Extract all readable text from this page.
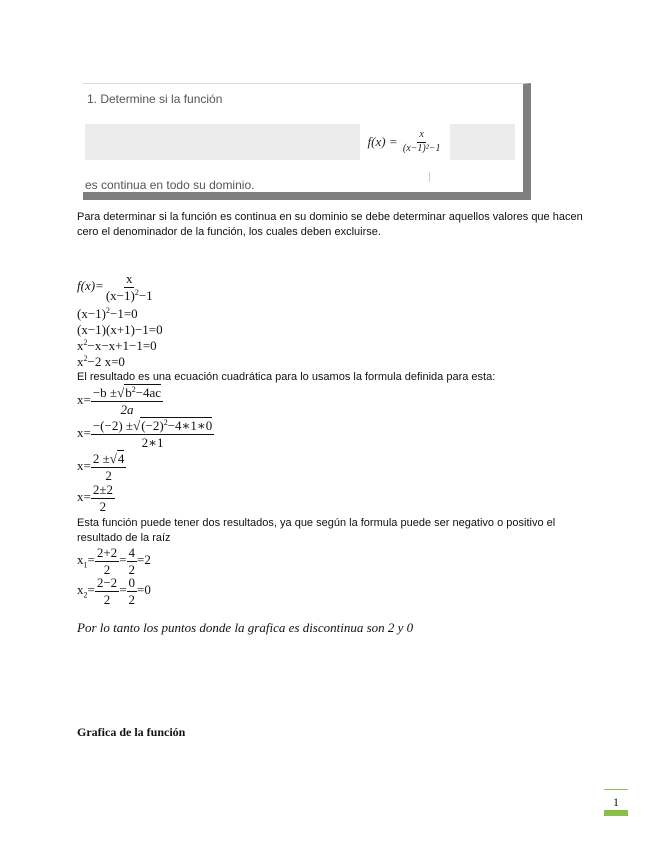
1. Determine si la función
f(x) =
$\frac{x}{\text{(x−1)²−1}}$
es continua en todo su dominio.
Para determinar si la función es continua en su dominio se debe determinar aquellos valores que hacen cero el denominador de la función, los cuales deben excluirse.
$f(x)= \frac{x}{(x-1)^2-1}$
$(x-1)^2-1=0$
(x−1)(x+1)−1=0
$x^2-x-x+1-1=0$
$x^2-2$ x=0
El resultado es una ecuación cuadrática para lo usamos la formula definida para esta:
$x= \frac{-b \pm√b^2-4ac}{2a}$
$x= \frac{-(-2) \pm√(-2)^2-4∗1∗0}{2∗1}$
$x= \frac{2 \pm√4}{2}$
$x= \frac{2\pm 2}{2}$
Esta función puede tener dos resultados, ya que según la formula puede ser negativo o positivo el resultado de la raíz
$x_1= \frac{2+2}{2} = \frac{4}{2} =2$
$x_2= \frac{2-2}{2} = \frac{0}{2} =0$
Por lo tanto los puntos donde la grafica es discontinua son 2 y 0
Grafica de la función
1
